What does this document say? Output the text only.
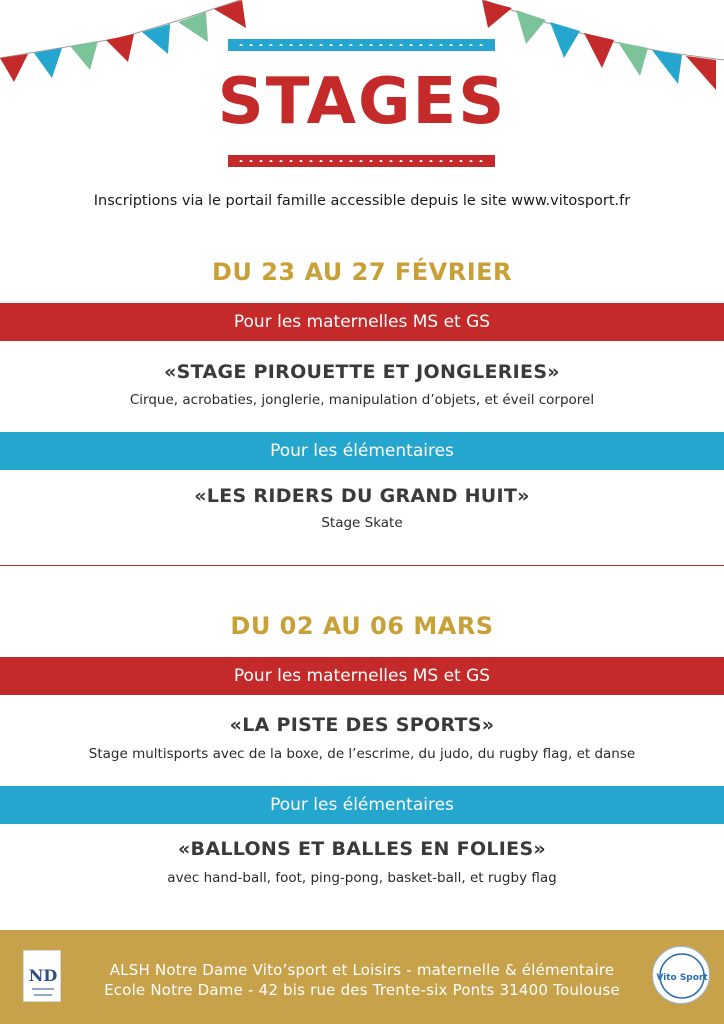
STAGES

Inscriptions via le portail famille accessible depuis le site www.vitosport.fr

DU 23 AU 27 FÉVRIER
Pour les maternelles MS et GS
«STAGE PIROUETTE ET JONGLERIES»
Cirque, acrobaties, jonglerie, manipulation d’objets, et éveil corporel
Pour les élémentaires
«LES RIDERS DU GRAND HUIT»
Stage Skate
DU 02 AU 06 MARS
Pour les maternelles MS et GS
«LA PISTE DES SPORTS»
Stage multisports avec de la boxe, de l’escrime, du judo, du rugby flag, et danse
Pour les élémentaires
«BALLONS ET BALLES EN FOLIES»
avec hand-ball, foot, ping-pong, basket-ball, et rugby flag
ND	ALSH Notre Dame Vito’sport et Loisirs - maternelle & élémentaire
Ecole Notre Dame - 42 bis rue des Trente-six Ponts 31400 Toulouse
Vito Sport
